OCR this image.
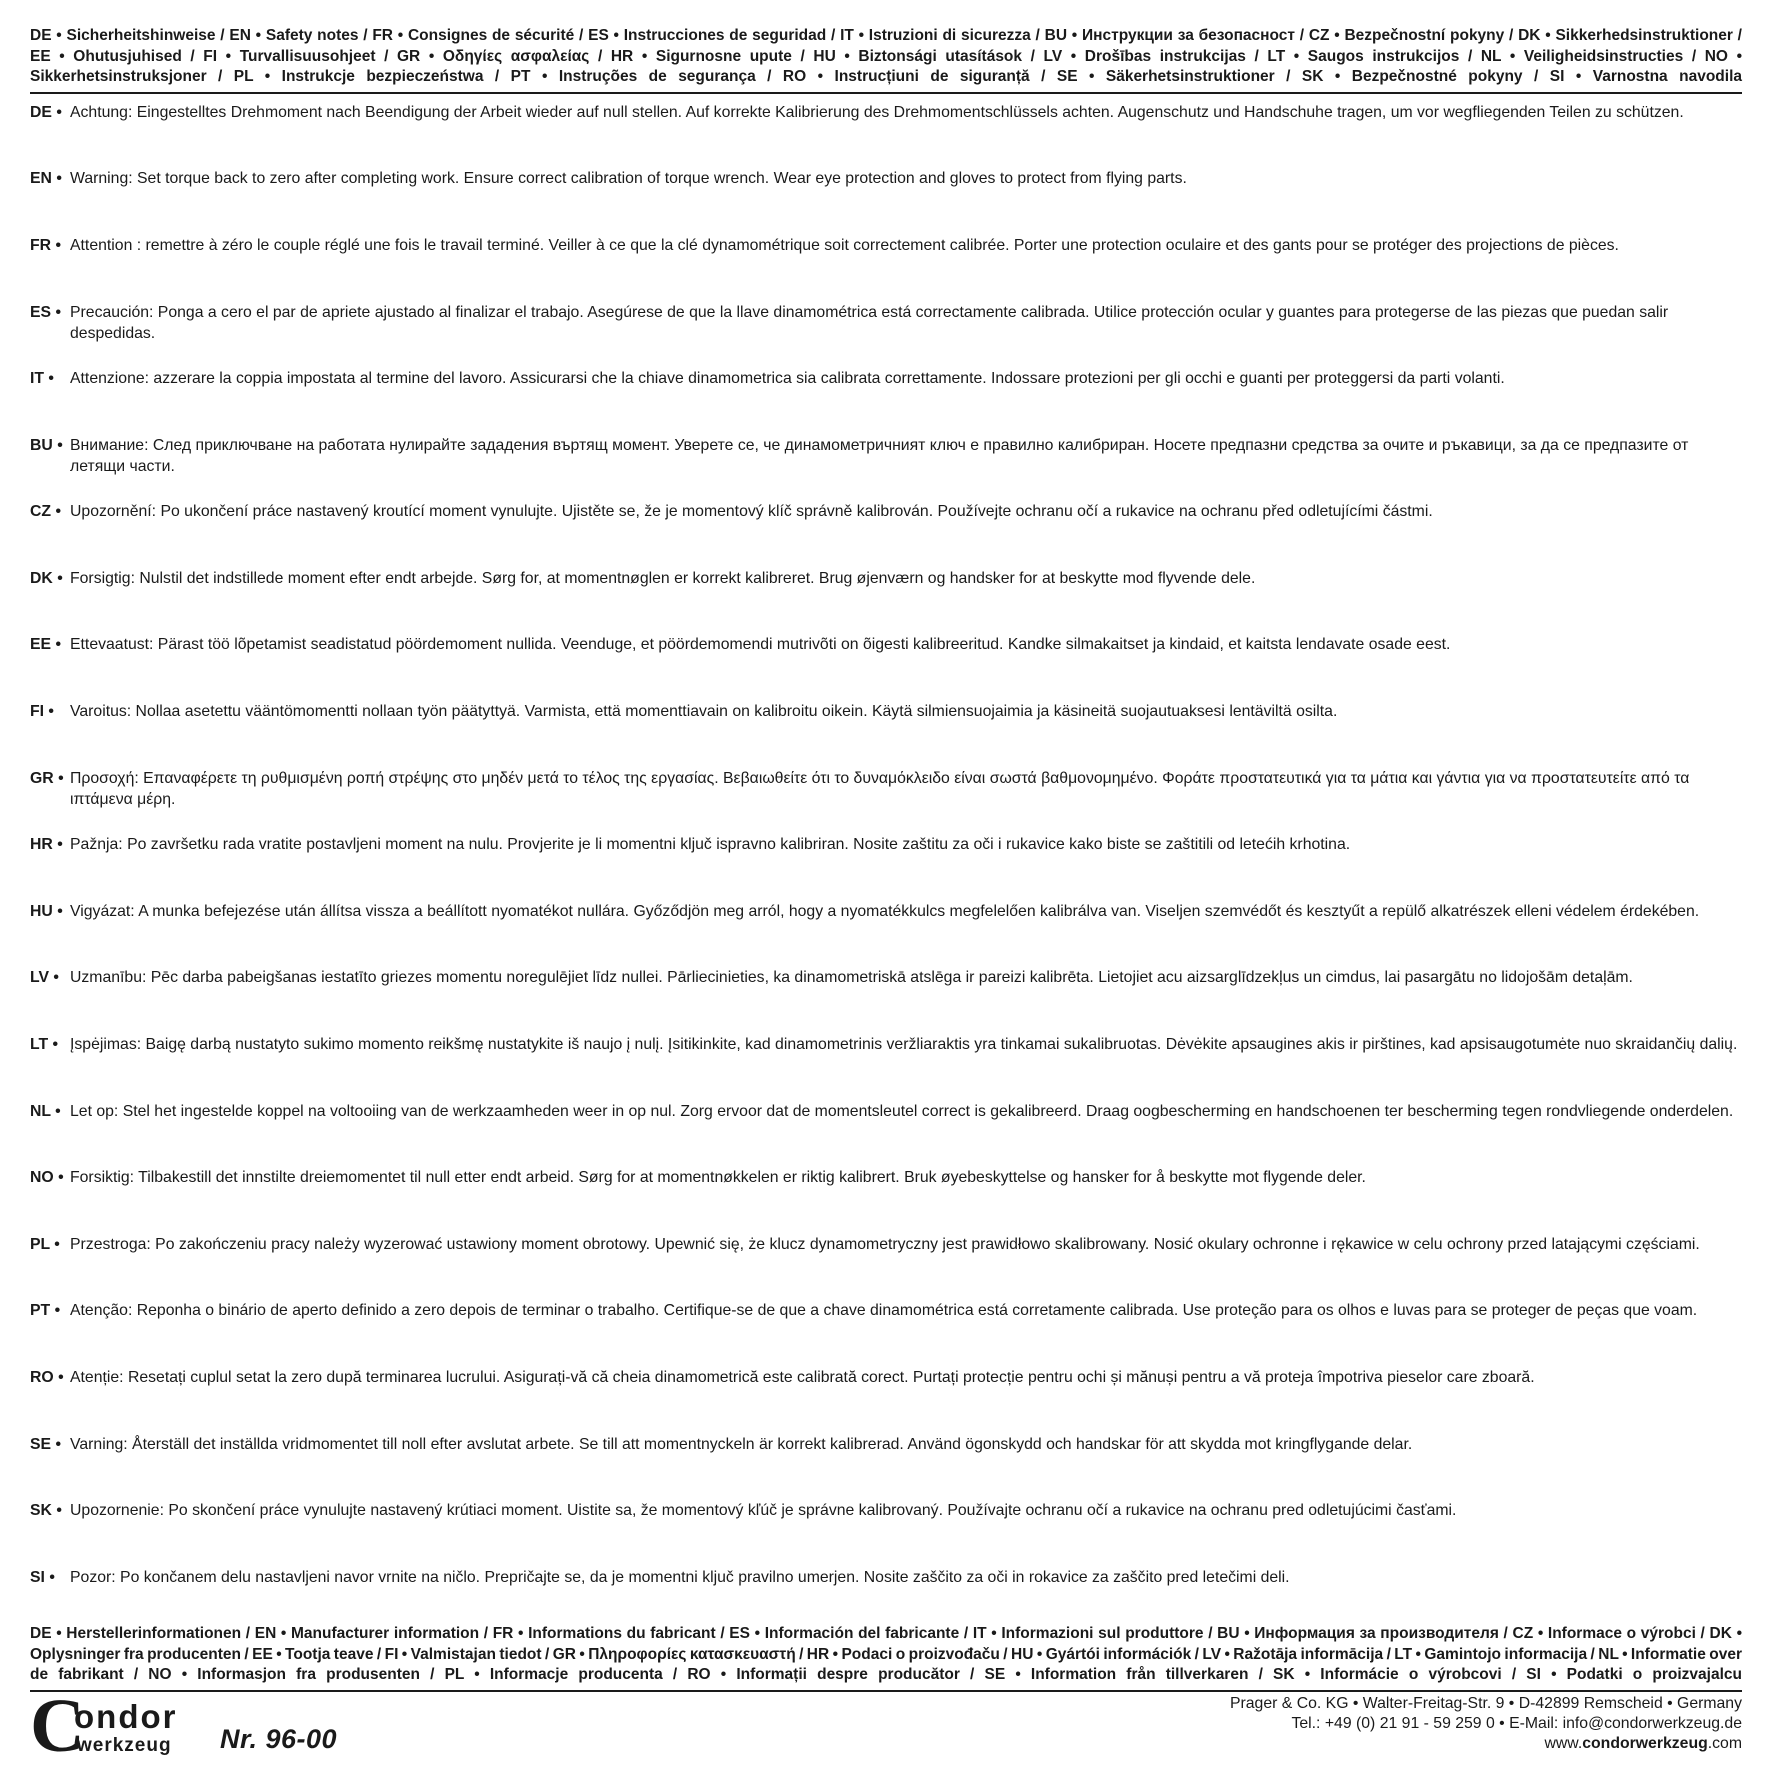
DE • Sicherheitshinweise / EN • Safety notes / FR • Consignes de sécurité / ES • Instrucciones de seguridad / IT • Istruzioni di sicurezza / BU • Инструкции за безопасност / CZ • Bezpečnostní pokyny / DK • Sikkerhedsinstruktioner / EE • Ohutusjuhised / FI • Turvallisuusohjeet / GR • Οδηγίες ασφαλείας / HR • Sigurnosne upute / HU • Biztonsági utasítások / LV • Drošības instrukcijas / LT • Saugos instrukcijos / NL • Veiligheidsinstructies / NO • Sikkerhetsinstruksjoner / PL • Instrukcje bezpieczeństwa / PT • Instruções de segurança / RO • Instrucțiuni de siguranță / SE • Säkerhetsinstruktioner / SK • Bezpečnostné pokyny / SI • Varnostna navodila
DE • Achtung: Eingestelltes Drehmoment nach Beendigung der Arbeit wieder auf null stellen. Auf korrekte Kalibrierung des Drehmomentschlüssels achten. Augenschutz und Handschuhe tragen, um vor wegfliegenden Teilen zu schützen.
EN • Warning: Set torque back to zero after completing work. Ensure correct calibration of torque wrench. Wear eye protection and gloves to protect from flying parts.
FR • Attention : remettre à zéro le couple réglé une fois le travail terminé. Veiller à ce que la clé dynamométrique soit correctement calibrée. Porter une protection oculaire et des gants pour se protéger des projections de pièces.
ES • Precaución: Ponga a cero el par de apriete ajustado al finalizar el trabajo. Asegúrese de que la llave dinamométrica está correctamente calibrada. Utilice protección ocular y guantes para protegerse de las piezas que puedan salir despedidas.
IT •	Attenzione: azzerare la coppia impostata al termine del lavoro. Assicurarsi che la chiave dinamometrica sia calibrata correttamente. Indossare protezioni per gli occhi e guanti per proteggersi da parti volanti.
BU • Внимание: След приключване на работата нулирайте зададения въртящ момент. Уверете се, че динамометричният ключ е правилно калибриран. Носете предпазни средства за очите и ръкавици, за да се предпазите от летящи части.
CZ • Upozornění: Po ukončení práce nastavený kroutící moment vynulujte. Ujistěte se, že je momentový klíč správně kalibrován. Používejte ochranu očí a rukavice na ochranu před odletujícími částmi.
DK • Forsigtig: Nulstil det indstillede moment efter endt arbejde. Sørg for, at momentnøglen er korrekt kalibreret. Brug øjenværn og handsker for at beskytte mod flyvende dele.
EE • Ettevaatust: Pärast töö lõpetamist seadistatud pöördemoment nullida. Veenduge, et pöördemomendi mutrivõti on õigesti kalibreeritud. Kandke silmakaitset ja kindaid, et kaitsta lendavate osade eest.
FI •	Varoitus: Nollaa asetettu vääntömomentti nollaan työn päätyttyä. Varmista, että momenttiavain on kalibroitu oikein. Käytä silmiensuojaimia ja käsineitä suojautuaksesi lentäviltä osilta.
GR • Προσοχή: Επαναφέρετε τη ρυθμισμένη ροπή στρέψης στο μηδέν μετά το τέλος της εργασίας. Βεβαιωθείτε ότι το δυναμόκλειδο είναι σωστά βαθμονομημένο. Φοράτε προστατευτικά για τα μάτια και γάντια για να προστατευτείτε από τα ιπτάμενα μέρη.
HR • Pažnja: Po završetku rada vratite postavljeni moment na nulu. Provjerite je li momentni ključ ispravno kalibriran. Nosite zaštitu za oči i rukavice kako biste se zaštitili od letećih krhotina.
HU • Vigyázat: A munka befejezése után állítsa vissza a beállított nyomatékot nullára. Győződjön meg arról, hogy a nyomatékkulcs megfelelően kalibrálva van. Viseljen szemvédőt és kesztyűt a repülő alkatrészek elleni védelem érdekében.
LV • Uzmanību: Pēc darba pabeigšanas iestatīto griezes momentu noregulējiet līdz nullei. Pārliecinieties, ka dinamometriskā atslēga ir pareizi kalibrēta. Lietojiet acu aizsarglīdzekļus un cimdus, lai pasargātu no lidojošām detaļām.
LT • Įspėjimas: Baigę darbą nustatyto sukimo momento reikšmę nustatykite iš naujo į nulį. Įsitikinkite, kad dinamometrinis veržliaraktis yra tinkamai sukalibruotas. Dėvėkite apsaugines akis ir pirštines, kad apsisaugotumėte nuo skraidančių dalių.
NL • Let op: Stel het ingestelde koppel na voltooiing van de werkzaamheden weer in op nul. Zorg ervoor dat de momentsleutel correct is gekalibreerd. Draag oogbescherming en handschoenen ter bescherming tegen rondvliegende onderdelen.
NO • Forsiktig: Tilbakestill det innstilte dreiemomentet til null etter endt arbeid. Sørg for at momentnøkkelen er riktig kalibrert. Bruk øyebeskyttelse og hansker for å beskytte mot flygende deler.
PL • Przestroga: Po zakończeniu pracy należy wyzerować ustawiony moment obrotowy. Upewnić się, że klucz dynamometryczny jest prawidłowo skalibrowany. Nosić okulary ochronne i rękawice w celu ochrony przed latającymi częściami.
PT • Atenção: Reponha o binário de aperto definido a zero depois de terminar o trabalho. Certifique-se de que a chave dinamométrica está corretamente calibrada. Use proteção para os olhos e luvas para se proteger de peças que voam.
RO • Atenție: Resetați cuplul setat la zero după terminarea lucrului. Asigurați-vă că cheia dinamometrică este calibrată corect. Purtați protecție pentru ochi și mănuși pentru a vă proteja împotriva pieselor care zboară.
SE • Varning: Återställ det inställda vridmomentet till noll efter avslutat arbete. Se till att momentnyckeln är korrekt kalibrerad. Använd ögonskydd och handskar för att skydda mot kringflygande delar.
SK • Upozornenie: Po skončení práce vynulujte nastavený krútiaci moment. Uistite sa, že momentový kľúč je správne kalibrovaný. Používajte ochranu očí a rukavice na ochranu pred odletujúcimi časťami.
SI • Pozor: Po končanem delu nastavljeni navor vrnite na ničlo. Prepričajte se, da je momentni ključ pravilno umerjen. Nosite zaščito za oči in rokavice za zaščito pred letečimi deli.
DE • Herstellerinformationen / EN • Manufacturer information / FR • Informations du fabricant / ES • Información del fabricante / IT • Informazioni sul produttore / BU • Информация за производителя / CZ • Informace o výrobci / DK • Oplysninger fra producenten / EE • Tootja teave / FI • Valmistajan tiedot / GR • Πληροφορίες κατασκευαστή / HR • Podaci o proizvođaču / HU • Gyártói információk / LV • Ražotāja informācija / LT • Gamintojo informacija / NL • Informatie over de fabrikant / NO • Informasjon fra produsenten / PL • Informacje producenta / RO • Informații despre producător / SE • Information från tillverkaren / SK • Informácie o výrobcovi / SI • Podatki o proizvajalcu
C
ondor
werkzeug Nr. 96-00
Prager & Co. KG • Walter-Freitag-Str. 9 • D-42899 Remscheid • Germany
Tel.: +49 (0) 21 91 - 59 259 0 • E-Mail: info@condorwerkzeug.de
www.condorwerkzeug.com
